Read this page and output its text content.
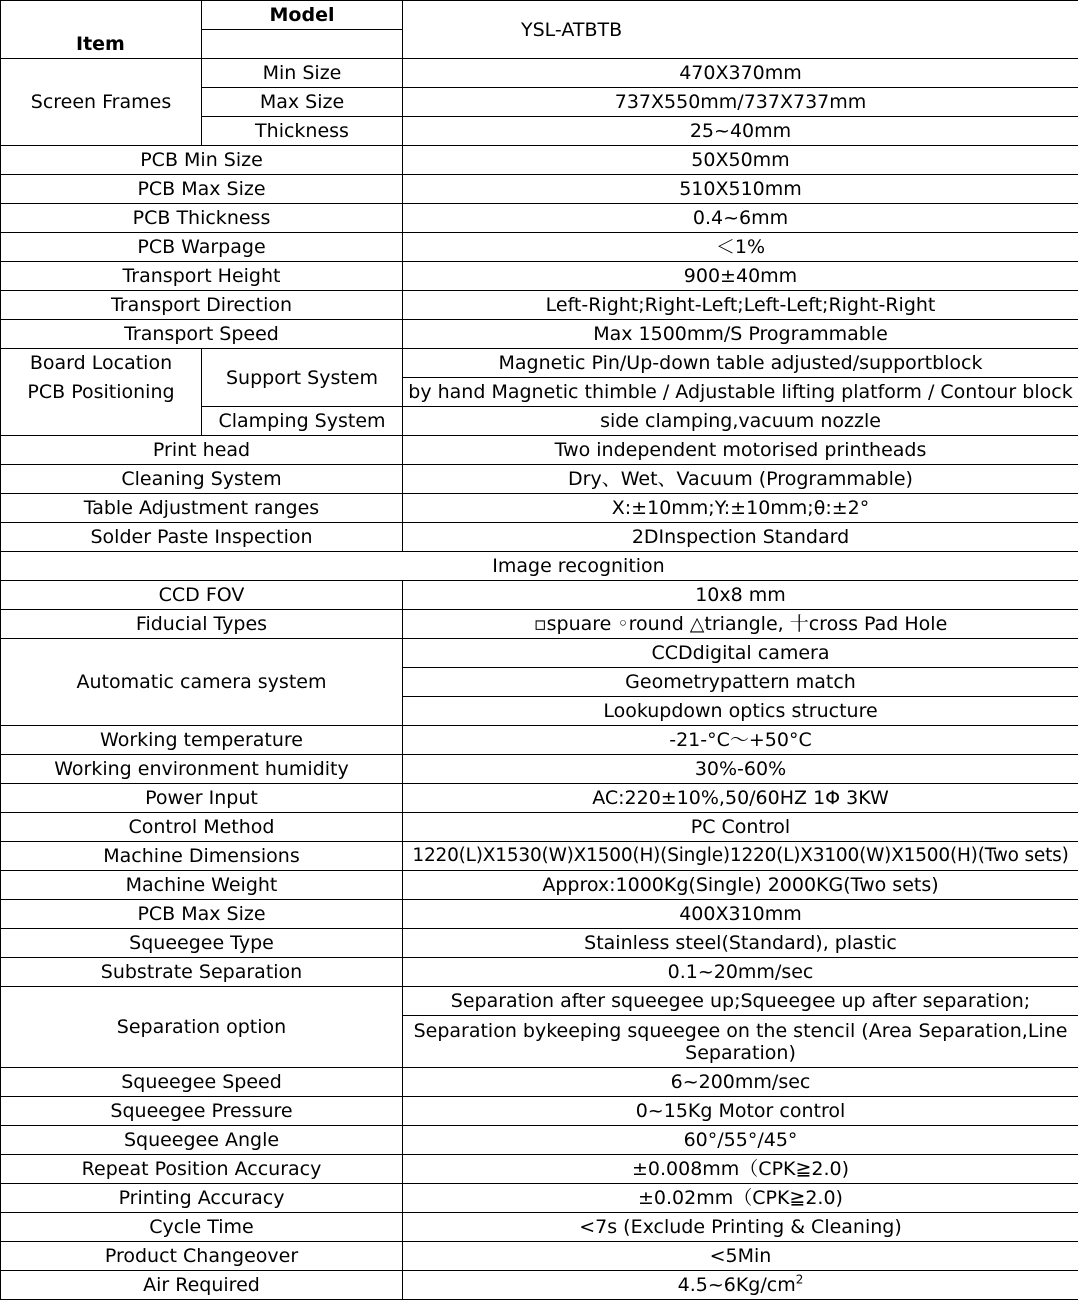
	Model	YSL-ATBTB
Item		
Screen Frames	Min Size	470X370mm
	Max Size	737X550mm/737X737mm
	Thickness	25~40mm
PCB Min Size		50X50mm
PCB Max Size		510X510mm
PCB Thickness		0.4~6mm
PCB Warpage		＜1%
Transport Height		900±40mm
Transport Direction		Left-Right;Right-Left;Left-Left;Right-Right
Transport Speed		Max 1500mm/S Programmable
Board Location	Support System	Magnetic Pin/Up-down table adjusted/supportblock
PCB Positioning		by hand Magnetic thimble / Adjustable lifting platform / Contour block
	Clamping System	side clamping,vacuum nozzle
Print head		Two independent motorised printheads
Cleaning System		Dry、Wet、Vacuum (Programmable)
Table Adjustment ranges		X:±10mm;Y:±10mm;θ:±2°
Solder Paste Inspection		2DInspection Standard
Image recognition		
CCD FOV		10x8 mm
Fiducial Types		▫spuare ◦round △triangle, 十cross Pad Hole
Automatic camera system		CCDdigital camera
		Geometrypattern match
		Lookupdown optics structure
Working temperature		-21-°C～+50°C
Working environment humidity		30%-60%
Power Input		AC:220±10%,50/60HZ 1Φ 3KW
Control Method		PC Control
Machine Dimensions		1220(L)X1530(W)X1500(H)(Single)1220(L)X3100(W)X1500(H)(Two sets)
Machine Weight		Approx:1000Kg(Single) 2000KG(Two sets)
PCB Max Size		400X310mm
Squeegee Type		Stainless steel(Standard), plastic
Substrate Separation		0.1~20mm/sec
Separation option		Separation after squeegee up;Squeegee up after separation;
		Separation bykeeping squeegee on the stencil (Area Separation,Line Separation)
Squeegee Speed		6~200mm/sec
Squeegee Pressure		0~15Kg Motor control
Squeegee Angle		60°/55°/45°
Repeat Position Accuracy		±0.008mm（CPK≧2.0)
Printing Accuracy		±0.02mm（CPK≧2.0)
Cycle Time		<7s (Exclude Printing & Cleaning)
Product Changeover		<5Min
Air Required		$4.5\sim 6Kg/cm^2$
